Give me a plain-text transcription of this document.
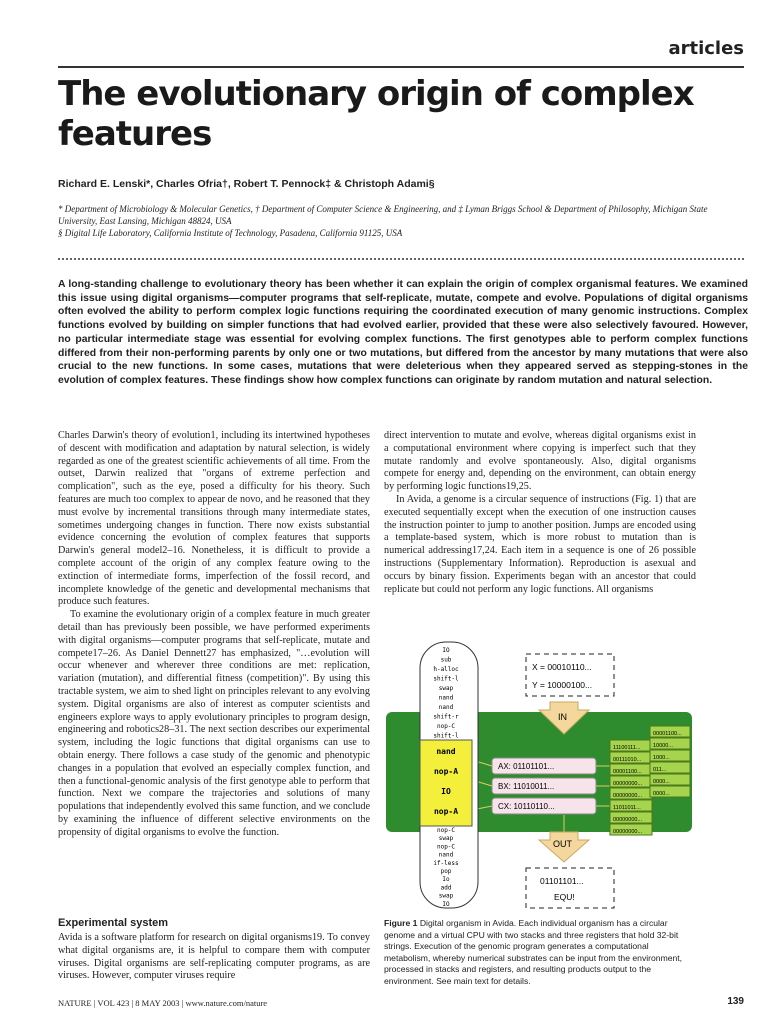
articles
The evolutionary origin of complex features
Richard E. Lenski*, Charles Ofria†, Robert T. Pennock‡ & Christoph Adami§
* Department of Microbiology & Molecular Genetics, † Department of Computer Science & Engineering, and ‡ Lyman Briggs School & Department of Philosophy, Michigan State University, East Lansing, Michigan 48824, USA
§ Digital Life Laboratory, California Institute of Technology, Pasadena, California 91125, USA
A long-standing challenge to evolutionary theory has been whether it can explain the origin of complex organismal features. We examined this issue using digital organisms—computer programs that self-replicate, mutate, compete and evolve. Populations of digital organisms often evolved the ability to perform complex logic functions requiring the coordinated execution of many genomic instructions. Complex functions evolved by building on simpler functions that had evolved earlier, provided that these were also selectively favoured. However, no particular intermediate stage was essential for evolving complex functions. The first genotypes able to perform complex functions differed from their non-performing parents by only one or two mutations, but differed from the ancestor by many mutations that were also crucial to the new functions. In some cases, mutations that were deleterious when they appeared served as stepping-stones in the evolution of complex features. These findings show how complex functions can originate by random mutation and natural selection.

Charles Darwin's theory of evolution1, including its intertwined hypotheses of descent with modification and adaptation by natural selection, is widely regarded as one of the greatest scientific achievements of all time. From the outset, Darwin realized that "organs of extreme perfection and complication", such as the eye, posed a difficulty for his theory. Such features are much too complex to appear de novo, and he reasoned that they must evolve by incremental transitions through many intermediate states, sometimes undergoing changes in function. There now exists substantial evidence concerning the evolution of complex features that supports Darwin's general model2–16. Nonetheless, it is difficult to provide a complete account of the origin of any complex feature owing to the extinction of intermediate forms, imperfection of the fossil record, and incomplete knowledge of the genetic and developmental mechanisms that produce such features.

To examine the evolutionary origin of a complex feature in much greater detail than has previously been possible, we have performed experiments with digital organisms—computer programs that self-replicate, mutate and compete17–26. As Daniel Dennett27 has emphasized, "…evolution will occur whenever and wherever three conditions are met: replication, variation (mutation), and differential fitness (competition)". By using this tractable system, we aim to shed light on principles relevant to any evolving system. Digital organisms are also of interest as computer scientists and engineers explore ways to apply evolutionary principles to program design, engineering and robotics28–31. The next section describes our experimental system, including the logic functions that digital organisms can use to obtain energy. There follows a case study of the genomic and phenotypic changes in a population that evolved an especially complex function, and then a functional-genomic analysis of the first genotype able to perform that function. Next we compare the trajectories and solutions of many populations that independently evolved this same function, and we conclude by examining the influence of different selective environments on the propensity of digital organisms to evolve the function.

Experimental system
Avida is a software platform for research on digital organisms19. To convey what digital organisms are, it is helpful to compare them with computer viruses. Digital organisms are self-replicating computer programs, as are viruses. However, computer viruses require

direct intervention to mutate and evolve, whereas digital organisms exist in a computational environment where copying is imperfect such that they mutate randomly and evolve spontaneously. Also, digital organisms compete for energy and, depending on the environment, can obtain energy by performing logic functions19,25.

In Avida, a genome is a circular sequence of instructions (Fig. 1) that are executed sequentially except when the execution of one instruction causes the instruction pointer to jump to another position. Jumps are encoded using a template-based system, which is more robust to mutation than is numerical addressing17,24. Each item in a sequence is one of 26 possible instructions (Supplementary Information). Reproduction is asexual and occurs by binary fission. Experiments began with an ancestor that could replicate but could not perform any logic functions. All organisms

X = 00010110...
Y = 10000100...
IN
AX: 01101101...
BX: 11010011...
CX: 10110110...
11100111...
00111010...
00001100...
00000000...
00000000...
11011011...
00000000...
00000000...
00001100...
10000...
1000...
011...
0000...
0000...
OUT
01101101...
EQU!
IO
sub
h-alloc
shift-l
swap
nand
nand
shift-r
nop-C
shift-l
nand
nop-A
IO
nop-A
nop-C
swap
nop-C
nand
if-less
pop
Io
add
swap
IO
Figure 1 Digital organism in Avida. Each individual organism has a circular genome and a virtual CPU with two stacks and three registers that hold 32-bit strings. Execution of the genomic program generates a computational metabolism, whereby numerical substrates can be input from the environment, processed in stacks and registers, and resulting products output to the environment. See main text for details.
NATURE | VOL 423 | 8 MAY 2003 | www.nature.com/nature	139
